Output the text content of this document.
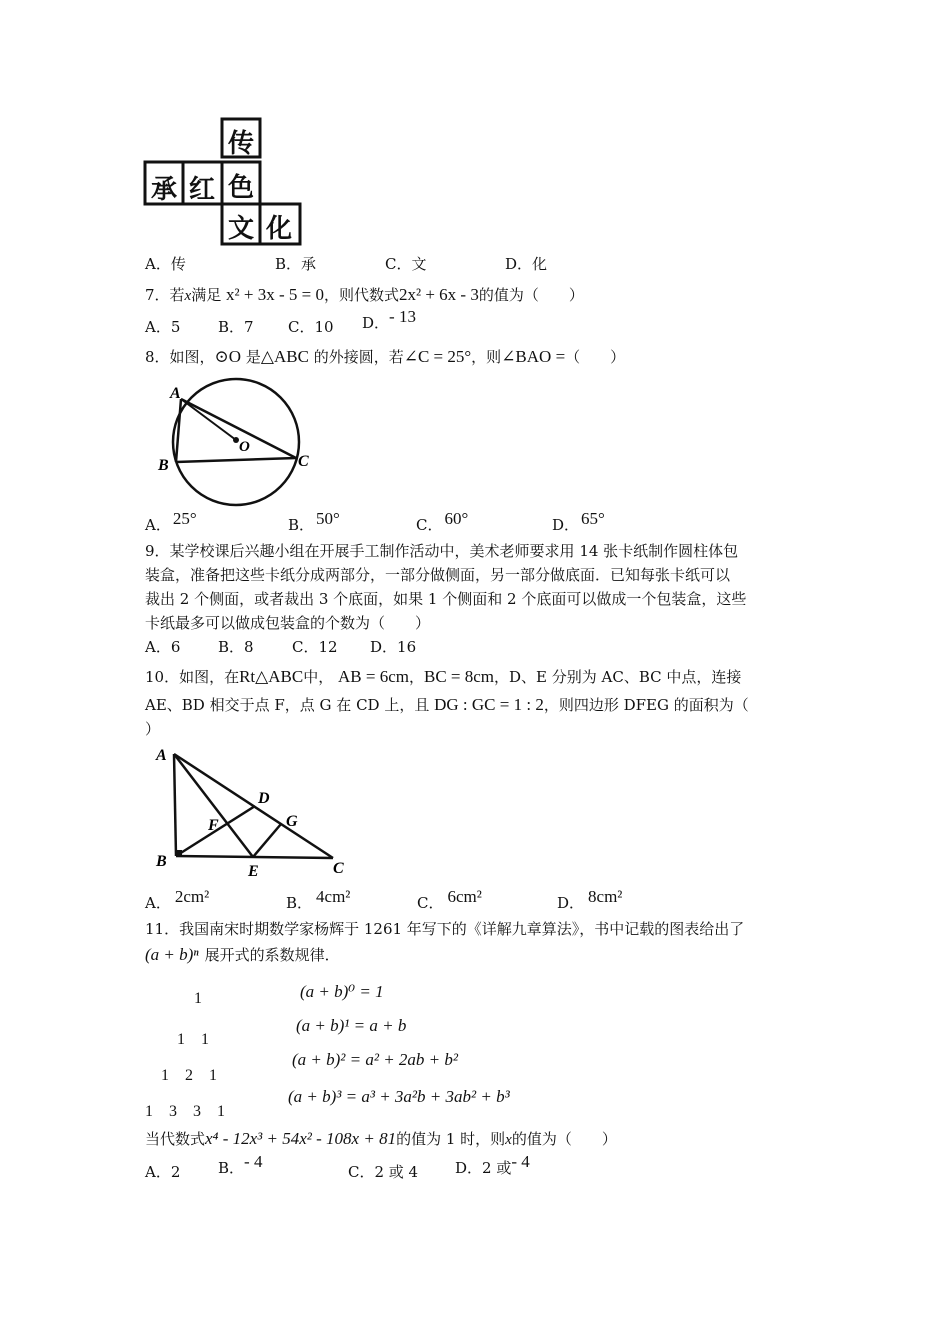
传
承 红 色
文 化
A．传	B．承	C．文	D．化
7．若x满足 x² + 3x - 5 = 0，则代数式2x² + 6x - 3的值为（　　）
A．5	B．7 C．10 D．- 13
8．如图，⊙O 是△ABC 的外接圆，若∠C = 25°，则∠BAO =（　　）
A
B	C
O
A． 25°	B． 50°	C． 60°	D． 65°
9．某学校课后兴趣小组在开展手工制作活动中，美术老师要求用 14 张卡纸制作圆柱体包
装盒，准备把这些卡纸分成两部分，一部分做侧面，另一部分做底面．已知每张卡纸可以
裁出 2 个侧面，或者裁出 3 个底面，如果 1 个侧面和 2 个底面可以做成一个包装盒，这些
卡纸最多可以做成包装盒的个数为（　　）
A．6	B．8	C．12 D．16
10．如图，在Rt△ABC中， AB = 6cm，BC = 8cm，D、E 分别为 AC、BC 中点，连接
AE、BD 相交于点 F，点 G 在 CD 上，且 DG : GC = 1 : 2，则四边形 DFEG 的面积为（
）
A
B	C
D
E
F	G
A． 2cm²	B． 4cm²	C． 6cm²	D． 8cm²
11．我国南宋时期数学家杨辉于 1261 年写下的《详解九章算法》，书中记载的图表给出了
(a + b)ⁿ 展开式的系数规律．
1
1　1
1　2　1
1　3　3　1
(a + b)⁰ = 1
(a + b)¹ = a + b
(a + b)² = a² + 2ab + b²
(a + b)³ = a³ + 3a²b + 3ab² + b³
当代数式x⁴ - 12x³ + 54x² - 108x + 81的值为 1 时，则x的值为（　　）
A．2	B．- 4
C．2 或 4 D．2 或- 4
